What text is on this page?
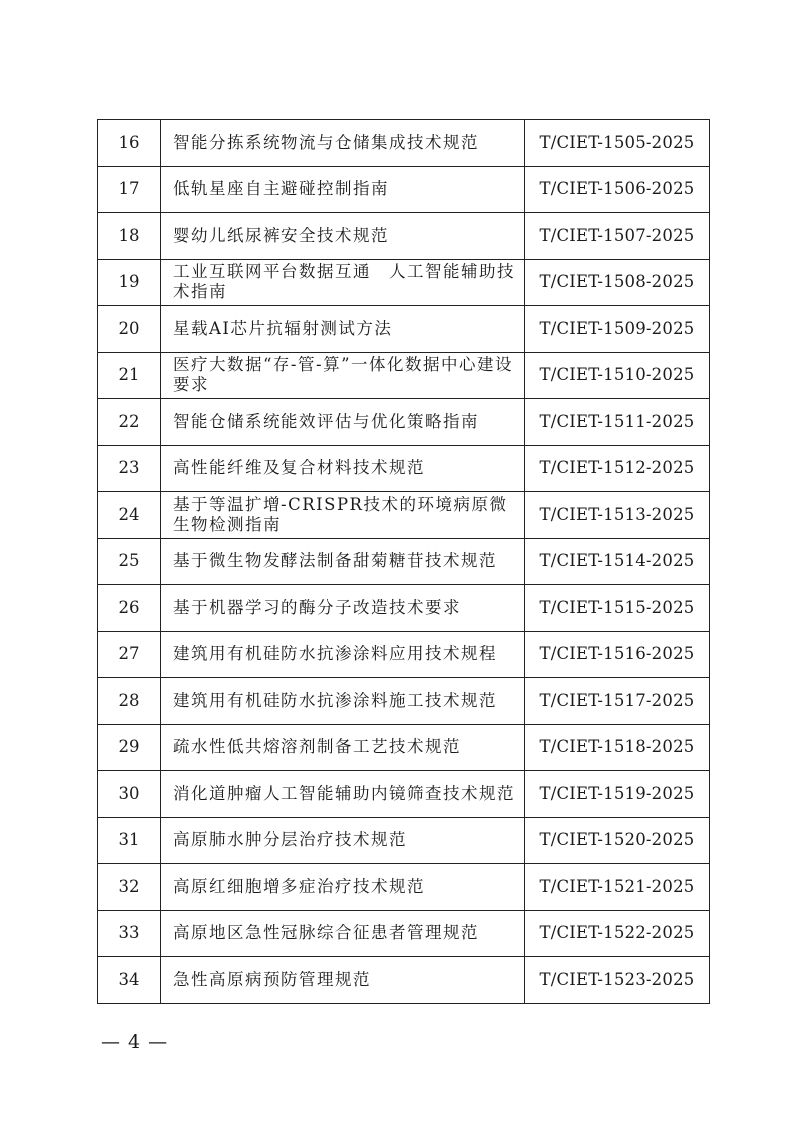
16	智能分拣系统物流与仓储集成技术规范	T/CIET-1505-2025
17	低轨星座自主避碰控制指南	T/CIET-1506-2025
18	婴幼儿纸尿裤安全技术规范	T/CIET-1507-2025
19	工业互联网平台数据互通　人工智能辅助技术指南	T/CIET-1508-2025
20	星载AI芯片抗辐射测试方法	T/CIET-1509-2025
21	医疗大数据“存-管-算”一体化数据中心建设要求	T/CIET-1510-2025
22	智能仓储系统能效评估与优化策略指南	T/CIET-1511-2025
23	高性能纤维及复合材料技术规范	T/CIET-1512-2025
24	基于等温扩增-CRISPR技术的环境病原微生物检测指南	T/CIET-1513-2025
25	基于微生物发酵法制备甜菊糖苷技术规范	T/CIET-1514-2025
26	基于机器学习的酶分子改造技术要求	T/CIET-1515-2025
27	建筑用有机硅防水抗渗涂料应用技术规程	T/CIET-1516-2025
28	建筑用有机硅防水抗渗涂料施工技术规范	T/CIET-1517-2025
29	疏水性低共熔溶剂制备工艺技术规范	T/CIET-1518-2025
30	消化道肿瘤人工智能辅助内镜筛查技术规范	T/CIET-1519-2025
31	高原肺水肿分层治疗技术规范	T/CIET-1520-2025
32	高原红细胞增多症治疗技术规范	T/CIET-1521-2025
33	高原地区急性冠脉综合征患者管理规范	T/CIET-1522-2025
34	急性高原病预防管理规范	T/CIET-1523-2025
— 4 —
